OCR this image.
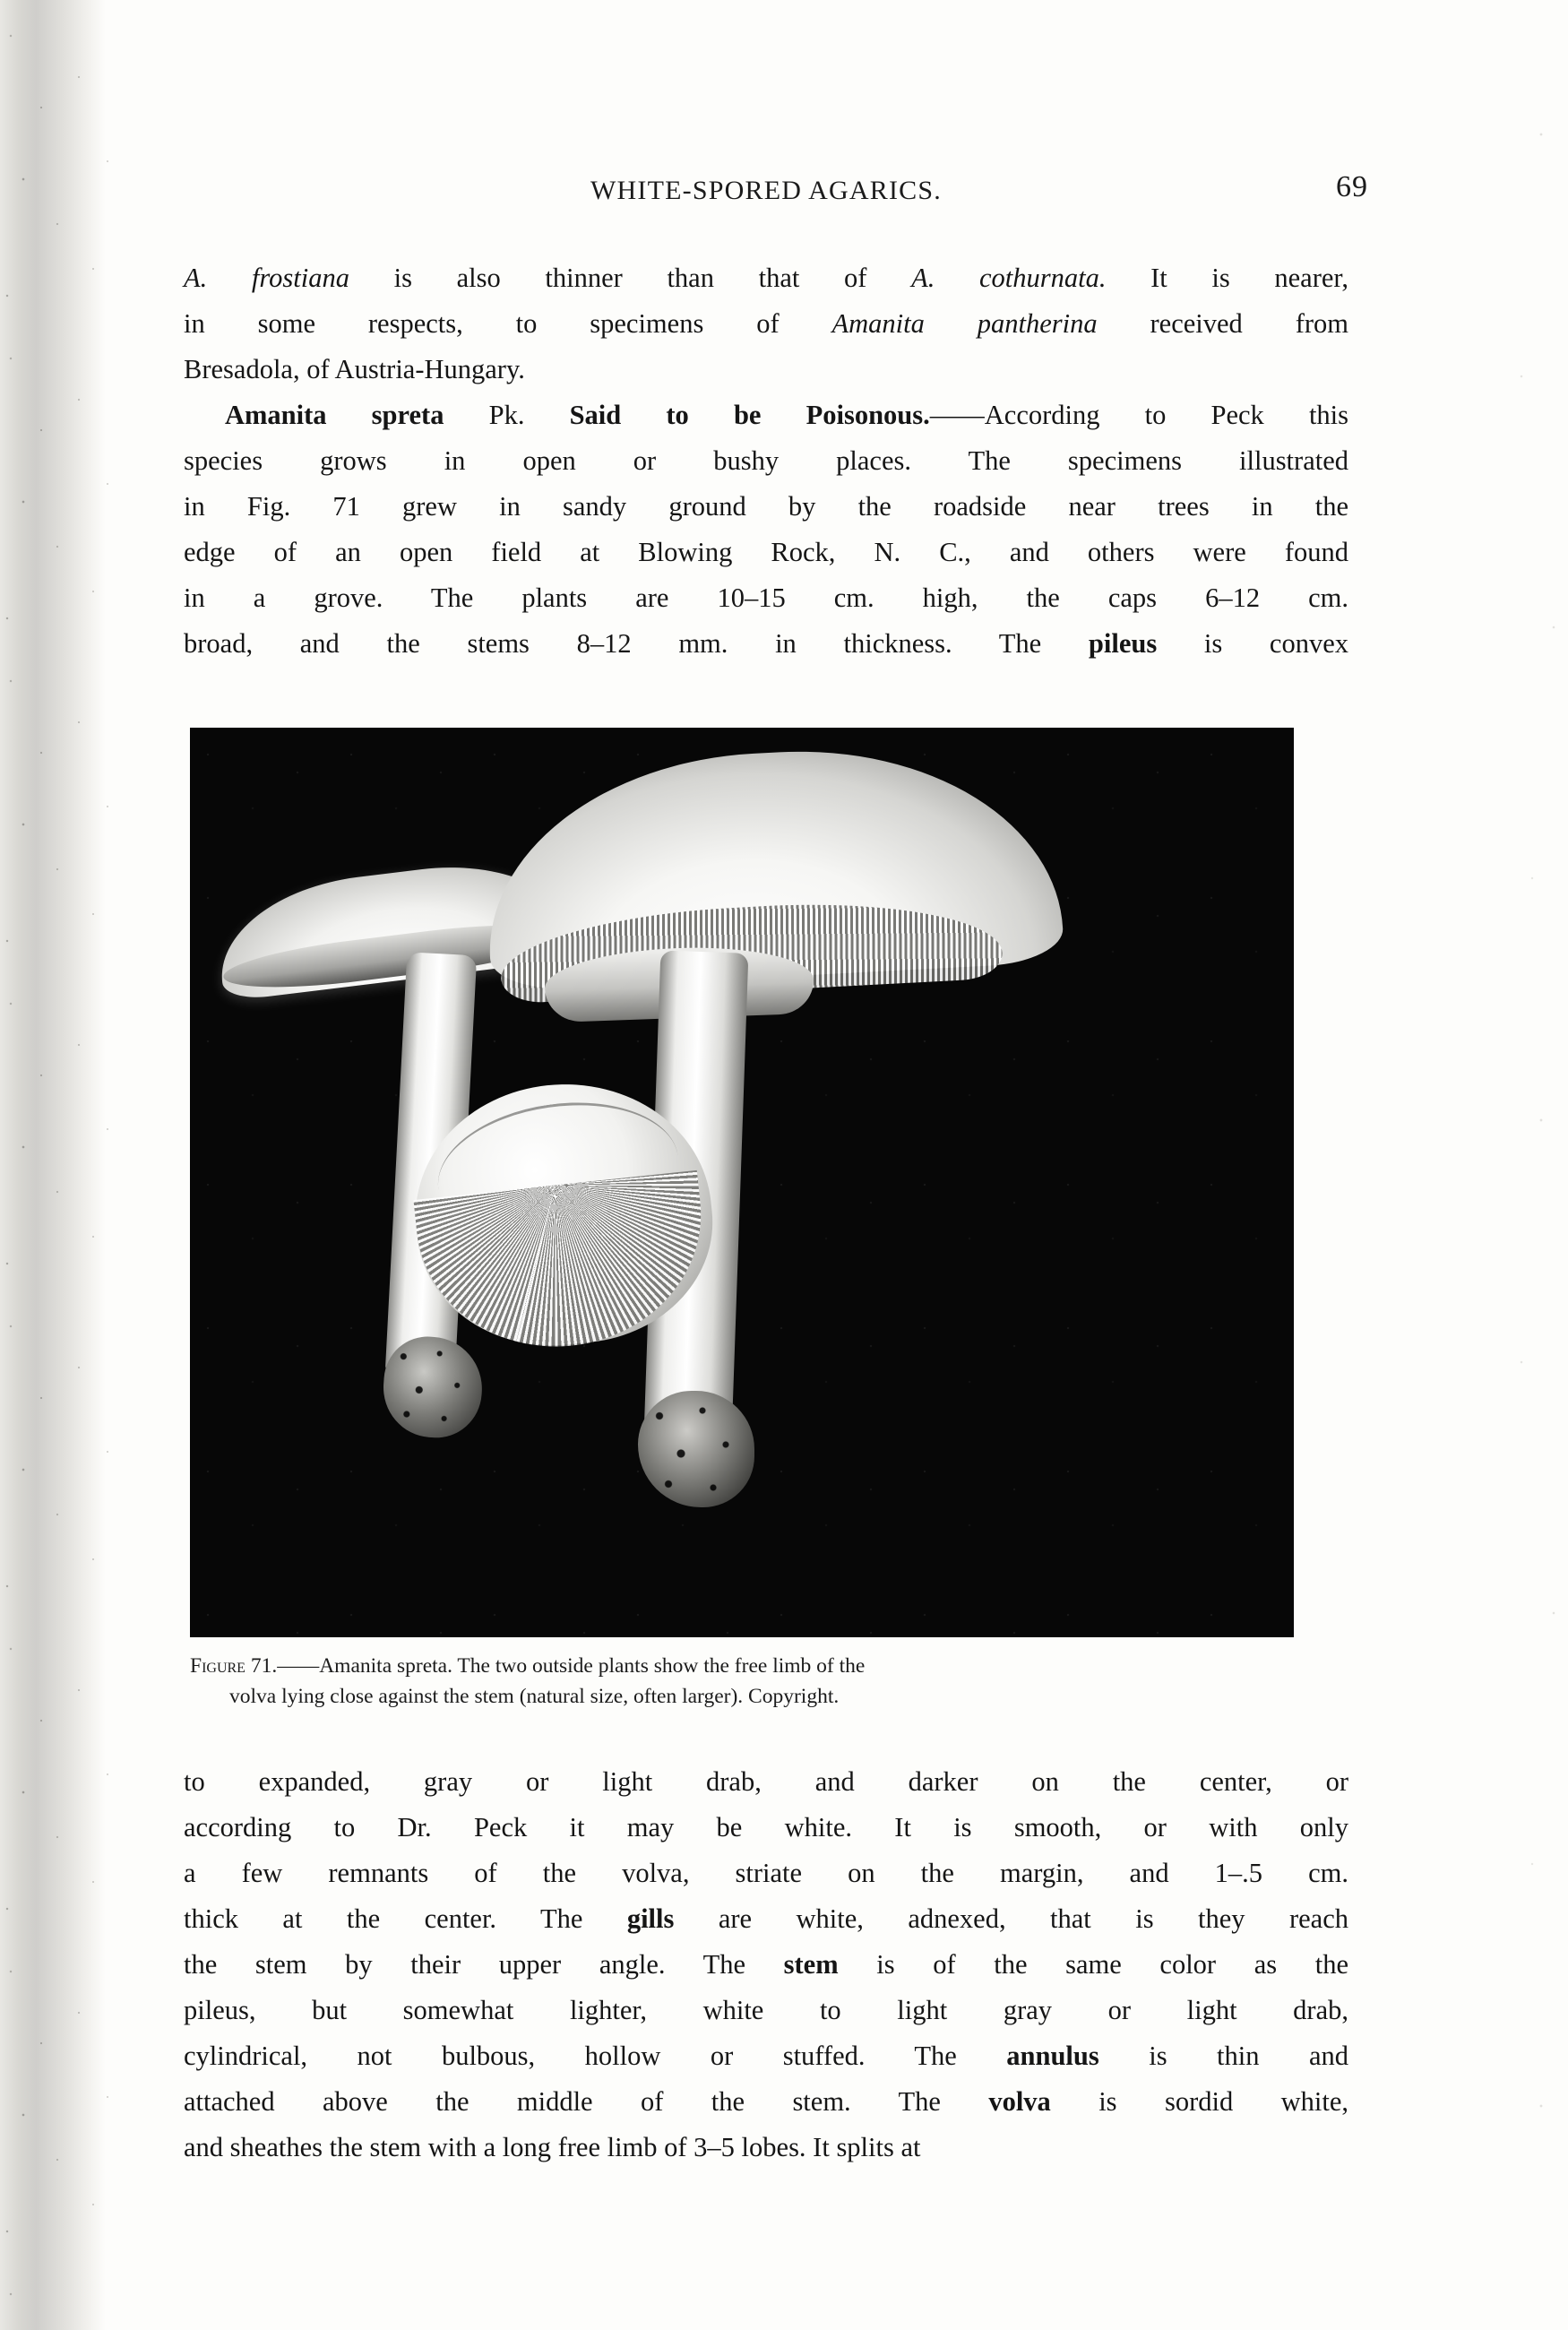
WHITE-SPORED AGARICS.	69

A. frostiana is also thinner than that of A. cothurnata. It is nearer,
in some respects, to specimens of Amanita pantherina received from
Bresadola, of Austria-Hungary.

Amanita spreta Pk. Said to be Poisonous.——According to Peck this
species grows in open or bushy places. The specimens illustrated
in Fig. 71 grew in sandy ground by the roadside near trees in the
edge of an open field at Blowing Rock, N. C., and others were found
in a grove. The plants are 10–15 cm. high, the caps 6–12 cm.
broad, and the stems 8–12 mm. in thickness. The pileus is convex

to expanded, gray or light drab, and darker on the center, or
according to Dr. Peck it may be white. It is smooth, or with only
a few remnants of the volva, striate on the margin, and 1–.5 cm.
thick at the center. The gills are white, adnexed, that is they reach
the stem by their upper angle. The stem is of the same color as the
pileus, but somewhat lighter, white to light gray or light drab,
cylindrical, not bulbous, hollow or stuffed. The annulus is thin and
attached above the middle of the stem. The volva is sordid white,
and sheathes the stem with a long free limb of 3–5 lobes. It splits at

Figure 71.——Amanita spreta. The two outside plants show the free limb of the
volva lying close against the stem (natural size, often larger). Copyright.
